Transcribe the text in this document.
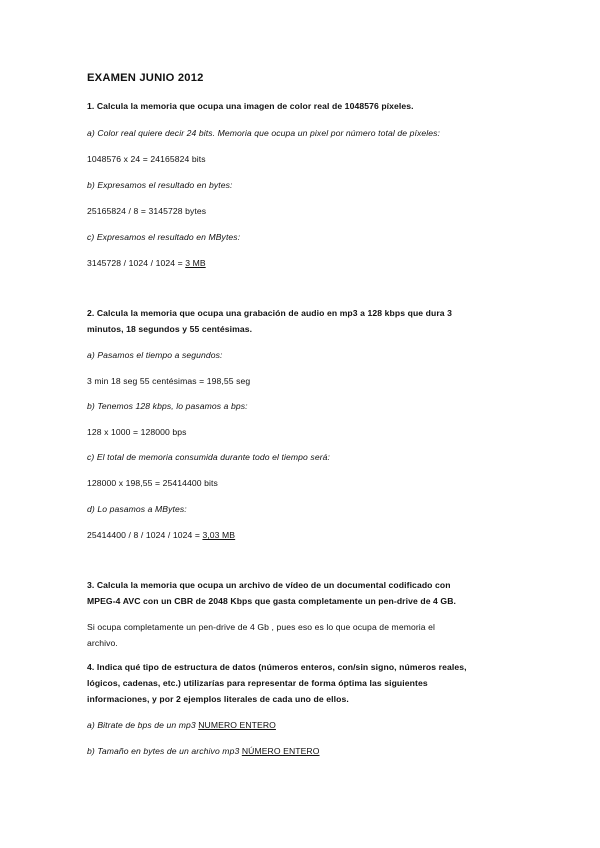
EXAMEN JUNIO 2012
1. Calcula la memoria que ocupa una imagen de color real de 1048576 píxeles.
a) Color real quiere decir 24 bits. Memoria que ocupa un pixel por número total de píxeles:
1048576 x 24 = 24165824 bits
b) Expresamos el resultado en bytes:
25165824 / 8 = 3145728 bytes
c) Expresamos el resultado en MBytes:
3145728 / 1024 / 1024 = 3 MB
2. Calcula la memoria que ocupa una grabación de audio en mp3 a 128 kbps que dura 3
minutos, 18 segundos y 55 centésimas.
a) Pasamos el tiempo a segundos:
3 min 18 seg 55 centésimas = 198,55 seg
b) Tenemos 128 kbps, lo pasamos a bps:
128 x 1000 = 128000 bps
c) El total de memoria consumida durante todo el tiempo será:
128000 x 198,55 = 25414400 bits
d) Lo pasamos a MBytes:
25414400 / 8 / 1024 / 1024 = 3,03 MB
3. Calcula la memoria que ocupa un archivo de vídeo de un documental codificado con
MPEG-4 AVC con un CBR de 2048 Kbps que gasta completamente un pen-drive de 4 GB.
Si ocupa completamente un pen-drive de 4 Gb , pues eso es lo que ocupa de memoria el
archivo.
4. Indica qué tipo de estructura de datos (números enteros, con/sin signo, números reales,
lógicos, cadenas, etc.) utilizarías para representar de forma óptima las siguientes
informaciones, y por 2 ejemplos literales de cada uno de ellos.
a) Bitrate de bps de un mp3 NUMERO ENTERO
b) Tamaño en bytes de un archivo mp3 NÚMERO ENTERO
